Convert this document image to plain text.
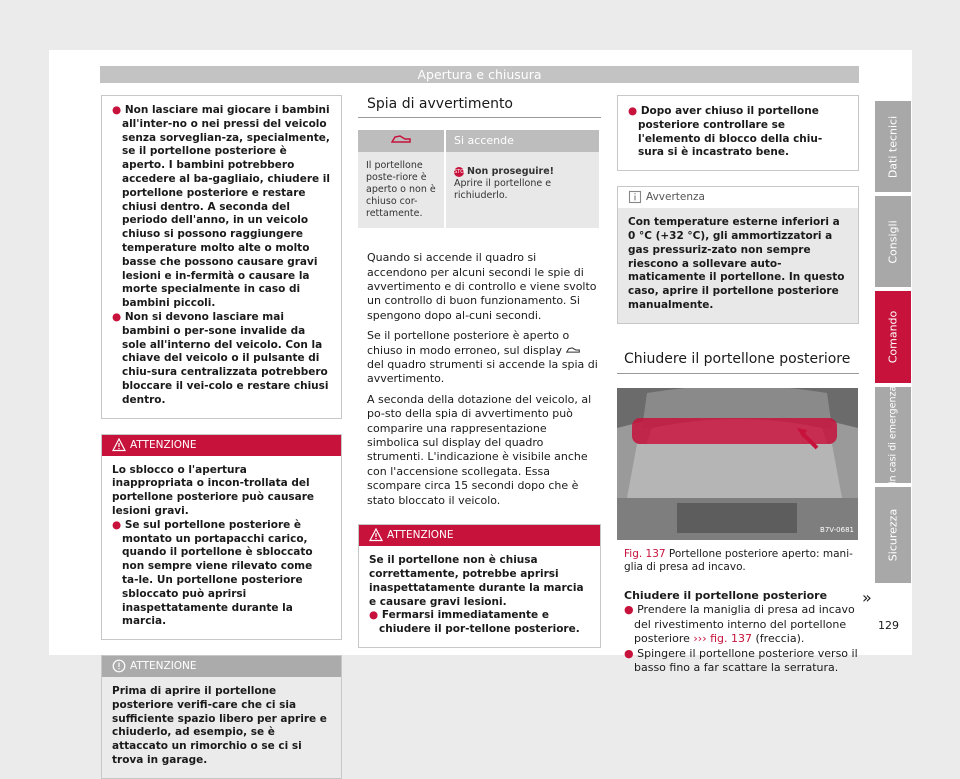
Apertura e chiusura

● Non lasciare mai giocare i bambini all'inter-no o nei pressi del veicolo senza sorveglian-za, specialmente, se il portellone posteriore è aperto. I bambini potrebbero accedere al ba-gagliaio, chiudere il portellone posteriore e restare chiusi dentro. A seconda del periodo dell'anno, in un veicolo chiuso si possono raggiungere temperature molto alte o molto basse che possono causare gravi lesioni e in-fermità o causare la morte specialmente in caso di bambini piccoli.

● Non si devono lasciare mai bambini o per-sone invalide da sole all'interno del veicolo. Con la chiave del veicolo o il pulsante di chiu-sura centralizzata potrebbero bloccare il vei-colo e restare chiusi dentro.

ATTENZIONE

Lo sblocco o l'apertura inappropriata o incon-trollata del portellone posteriore può causare lesioni gravi.

● Se sul portellone posteriore è montato un portapacchi carico, quando il portellone è sbloccato non sempre viene rilevato come ta-le. Un portellone posteriore sbloccato può aprirsi inaspettatamente durante la marcia.

ATTENZIONE

Prima di aprire il portellone posteriore verifi-care che ci sia sufficiente spazio libero per aprire e chiuderlo, ad esempio, se è attaccato un rimorchio o se ci si trova in garage.

Spia di avvertimento
	Si accende
Il portellone poste-riore è aperto o non è chiuso cor-rettamente.	STOP Non proseguire!
Aprire il portellone e richiuderlo.

Quando si accende il quadro si accendono per alcuni secondi le spie di avvertimento e di controllo e viene svolto un controllo di buon funzionamento. Si spengono dopo al-cuni secondi.

Se il portellone posteriore è aperto o chiuso in modo erroneo, sul display  del quadro strumenti si accende la spia di avvertimento.

A seconda della dotazione del veicolo, al po-sto della spia di avvertimento può comparire una rappresentazione simbolica sul display del quadro strumenti. L'indicazione è visibile anche con l'accensione scollegata. Essa scompare circa 15 secondi dopo che è stato bloccato il veicolo.

ATTENZIONE

Se il portellone non è chiusa correttamente, potrebbe aprirsi inaspettatamente durante la marcia e causare gravi lesioni.

● Fermarsi immediatamente e chiudere il por-tellone posteriore.

● Dopo aver chiuso il portellone posteriore controllare se l'elemento di blocco della chiu-sura si è incastrato bene.

Avvertenza
Con temperature esterne inferiori a 0 °C (+32 °C), gli ammortizzatori a gas pressuriz-zato non sempre riescono a sollevare auto-maticamente il portellone. In questo caso, aprire il portellone posteriore manualmente.
Chiudere il portellone posteriore
B7V-0681
Fig. 137 Portellone posteriore aperto: mani-glia di presa ad incavo.

Chiudere il portellone posteriore

● Prendere la maniglia di presa ad incavo del rivestimento interno del portellone posteriore ››› fig. 137 (freccia).

● Spingere il portellone posteriore verso il basso fino a far scattare la serratura.

»
129
Dati tecnici
Consigli
Comando
In casi di emergenza
Sicurezza
